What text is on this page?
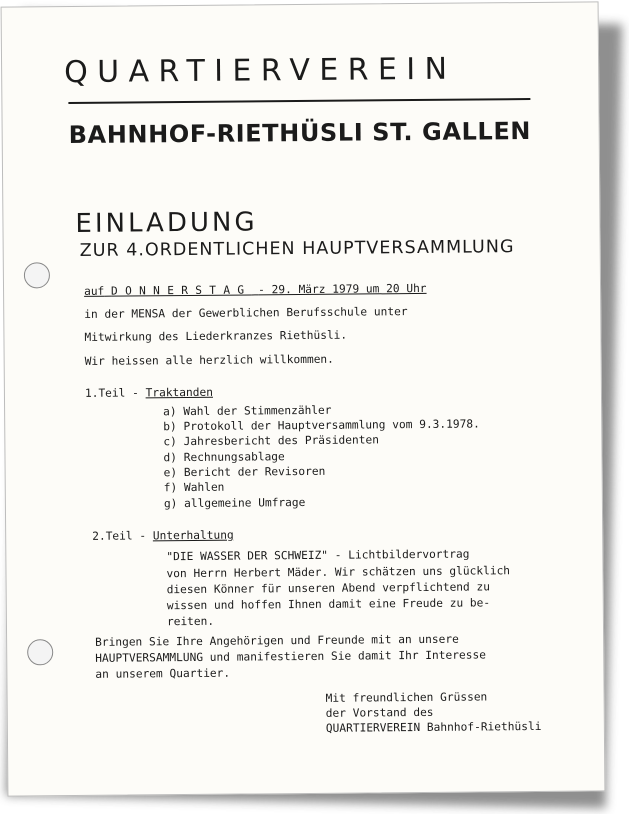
QUARTIERVEREIN
BAHNHOF-RIETHÜSLI ST. GALLEN
EINLADUNG
ZUR 4.ORDENTLICHEN HAUPTVERSAMMLUNG
auf DONNERSTAG - 29. März 1979 um 20 Uhr
in der MENSA der Gewerblichen Berufsschule unter
Mitwirkung des Liederkranzes Riethüsli.
Wir heissen alle herzlich willkommen.
1.Teil - Traktanden
a) Wahl der Stimmenzähler
b) Protokoll der Hauptversammlung vom 9.3.1978.
c) Jahresbericht des Präsidenten
d) Rechnungsablage
e) Bericht der Revisoren
f) Wahlen
g) allgemeine Umfrage
2.Teil - Unterhaltung
"DIE WASSER DER SCHWEIZ" - Lichtbildervortrag
von Herrn Herbert Mäder. Wir schätzen uns glücklich
diesen Könner für unseren Abend verpflichtend zu
wissen und hoffen Ihnen damit eine Freude zu be-
reiten.
Bringen Sie Ihre Angehörigen und Freunde mit an unsere
HAUPTVERSAMMLUNG und manifestieren Sie damit Ihr Interesse
an unserem Quartier.
Mit freundlichen Grüssen
der Vorstand des
QUARTIERVEREIN Bahnhof-Riethüsli
